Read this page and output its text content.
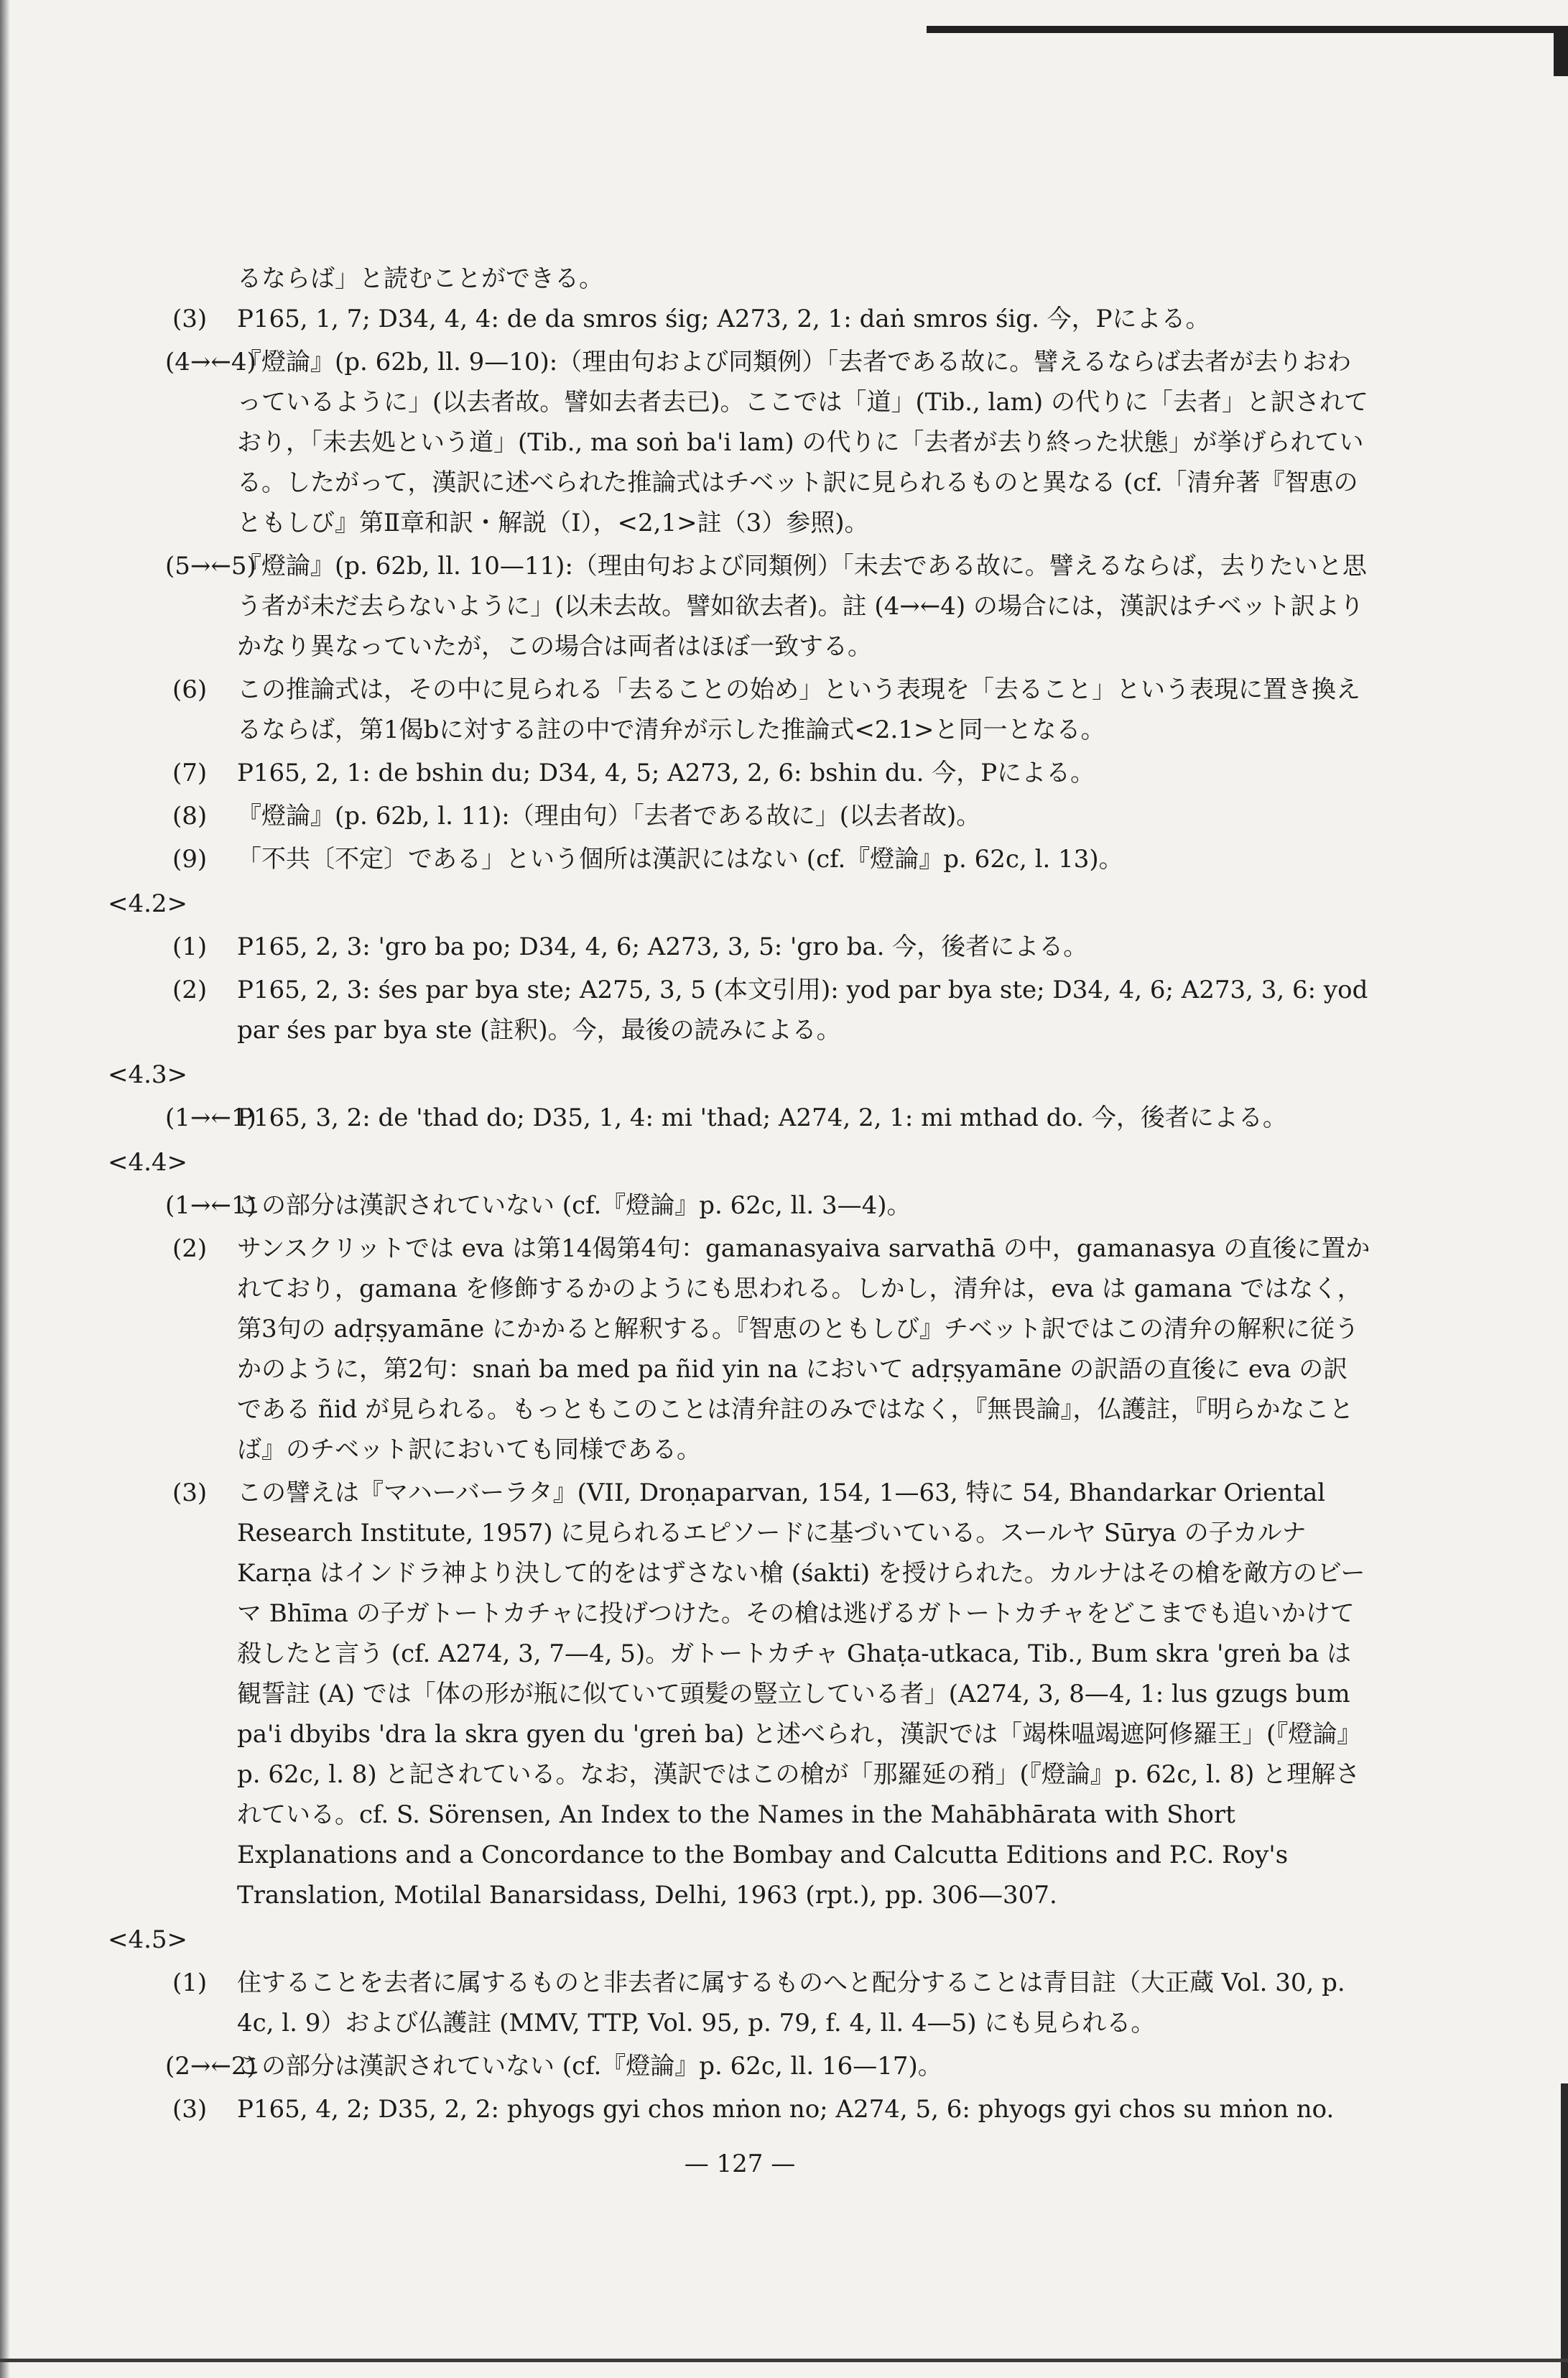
るならば」と読むことができる。
(3) P165, 1, 7; D34, 4, 4: de da smros śig; A273, 2, 1: daṅ smros śig. 今，Pによる。
(4→←4)
『燈論』(p. 62b, ll. 9—10):（理由句および同類例）「去者である故に。譬えるならば去者が去りおわっているように」(以去者故。譬如去者去已)。ここでは「道」(Tib., lam) の代りに「去者」と訳されており，「未去処という道」(Tib., ma soṅ ba'i lam) の代りに「去者が去り終った状態」が挙げられている。したがって，漢訳に述べられた推論式はチベット訳に見られるものと異なる (cf.「清弁著『智恵のともしび』第Ⅱ章和訳・解説（Ⅰ），<2,1>註（3）参照)。
(5→←5)
『燈論』(p. 62b, ll. 10—11):（理由句および同類例）「未去である故に。譬えるならば，去りたいと思う者が未だ去らないように」(以未去故。譬如欲去者)。註 (4→←4) の場合には，漢訳はチベット訳よりかなり異なっていたが，この場合は両者はほぼ一致する。
(6) この推論式は，その中に見られる「去ることの始め」という表現を「去ること」という表現に置き換えるならば，第1偈bに対する註の中で清弁が示した推論式<2.1>と同一となる。
(7) P165, 2, 1: de bshin du; D34, 4, 5; A273, 2, 6: bshin du. 今，Pによる。
(8) 『燈論』(p. 62b, l. 11):（理由句）「去者である故に」(以去者故)。
(9) 「不共〔不定〕である」という個所は漢訳にはない (cf.『燈論』p. 62c, l. 13)。
<4.2>
(1) P165, 2, 3: 'gro ba po; D34, 4, 6; A273, 3, 5: 'gro ba. 今，後者による。
(2) P165, 2, 3: śes par bya ste; A275, 3, 5 (本文引用): yod par bya ste; D34, 4, 6; A273, 3, 6: yod par śes par bya ste (註釈)。今，最後の読みによる。
<4.3>
(1→←1)
P165, 3, 2: de 'thad do; D35, 1, 4: mi 'thad; A274, 2, 1: mi mthad do. 今，後者による。
<4.4>
(1→←1)
この部分は漢訳されていない (cf.『燈論』p. 62c, ll. 3—4)。
(2) サンスクリットでは eva は第14偈第4句：gamanasyaiva sarvathā の中，gamanasya の直後に置かれており，gamana を修飾するかのようにも思われる。しかし，清弁は，eva は gamana ではなく，第3句の adṛṣyamāne にかかると解釈する。『智恵のともしび』チベット訳ではこの清弁の解釈に従うかのように，第2句：snaṅ ba med pa ñid yin na において adṛṣyamāne の訳語の直後に eva の訳である ñid が見られる。もっともこのことは清弁註のみではなく，『無畏論』，仏護註，『明らかなことば』のチベット訳においても同様である。
(3) この譬えは『マハーバーラタ』(VII, Droṇaparvan, 154, 1—63, 特に 54, Bhandarkar Oriental Research Institute, 1957) に見られるエピソードに基づいている。スールヤ Sūrya の子カルナ Karṇa はインドラ神より決して的をはずさない槍 (śakti) を授けられた。カルナはその槍を敵方のビーマ Bhīma の子ガトートカチャに投げつけた。その槍は逃げるガトートカチャをどこまでも追いかけて殺したと言う (cf. A274, 3, 7—4, 5)。ガトートカチャ Ghaṭa-utkaca, Tib., Bum skra 'greṅ ba は観誓註 (A) では「体の形が瓶に似ていて頭髪の豎立している者」(A274, 3, 8—4, 1: lus gzugs bum pa'i dbyibs 'dra la skra gyen du 'greṅ ba) と述べられ，漢訳では「竭株嗢竭遮阿修羅王」(『燈論』p. 62c, l. 8) と記されている。なお，漢訳ではこの槍が「那羅延の矟」(『燈論』p. 62c, l. 8) と理解されている。cf. S. Sörensen, An Index to the Names in the Mahābhārata with Short Explanations and a Concordance to the Bombay and Calcutta Editions and P.C. Roy's Translation, Motilal Banarsidass, Delhi, 1963 (rpt.), pp. 306—307.
<4.5>
(1) 住することを去者に属するものと非去者に属するものへと配分することは青目註（大正蔵 Vol. 30, p. 4c, l. 9）および仏護註 (MMV, TTP, Vol. 95, p. 79, f. 4, ll. 4—5) にも見られる。
(2→←2)
この部分は漢訳されていない (cf.『燈論』p. 62c, ll. 16—17)。
(3) P165, 4, 2; D35, 2, 2: phyogs gyi chos mṅon no; A274, 5, 6: phyogs gyi chos su mṅon no.
— 127 —
